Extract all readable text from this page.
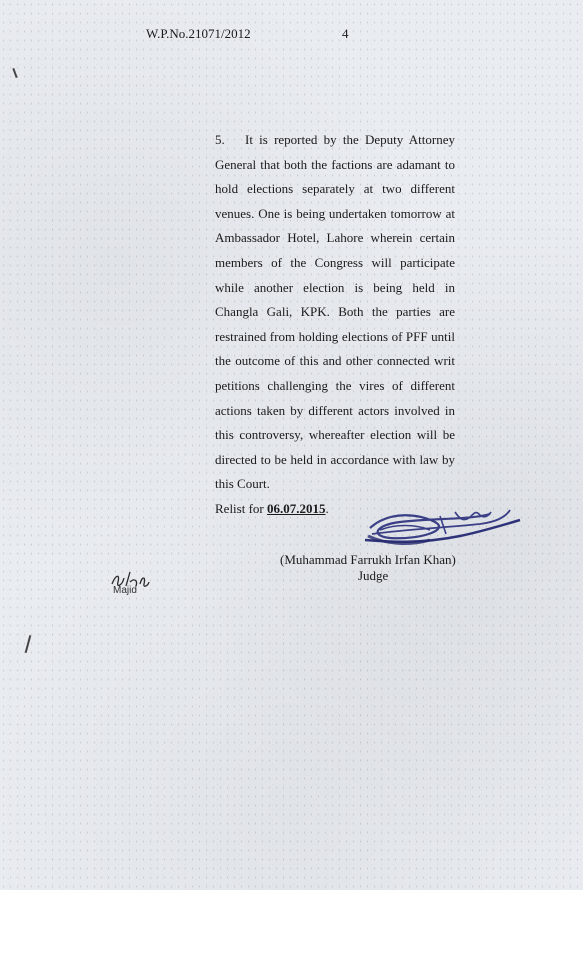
W.P.No.21071/2012	4
5. It is reported by the Deputy Attorney General that both the factions are adamant to hold elections separately at two different venues. One is being undertaken tomorrow at Ambassador Hotel, Lahore wherein certain members of the Congress will participate while another election is being held in Changla Gali, KPK. Both the parties are restrained from holding elections of PFF until the outcome of this and other connected writ petitions challenging the vires of different actions taken by different actors involved in this controversy, whereafter election will be directed to be held in accordance with law by this Court.
Relist for 06.07.2015.
(Muhammad Farrukh Irfan Khan)
Judge
Majid
